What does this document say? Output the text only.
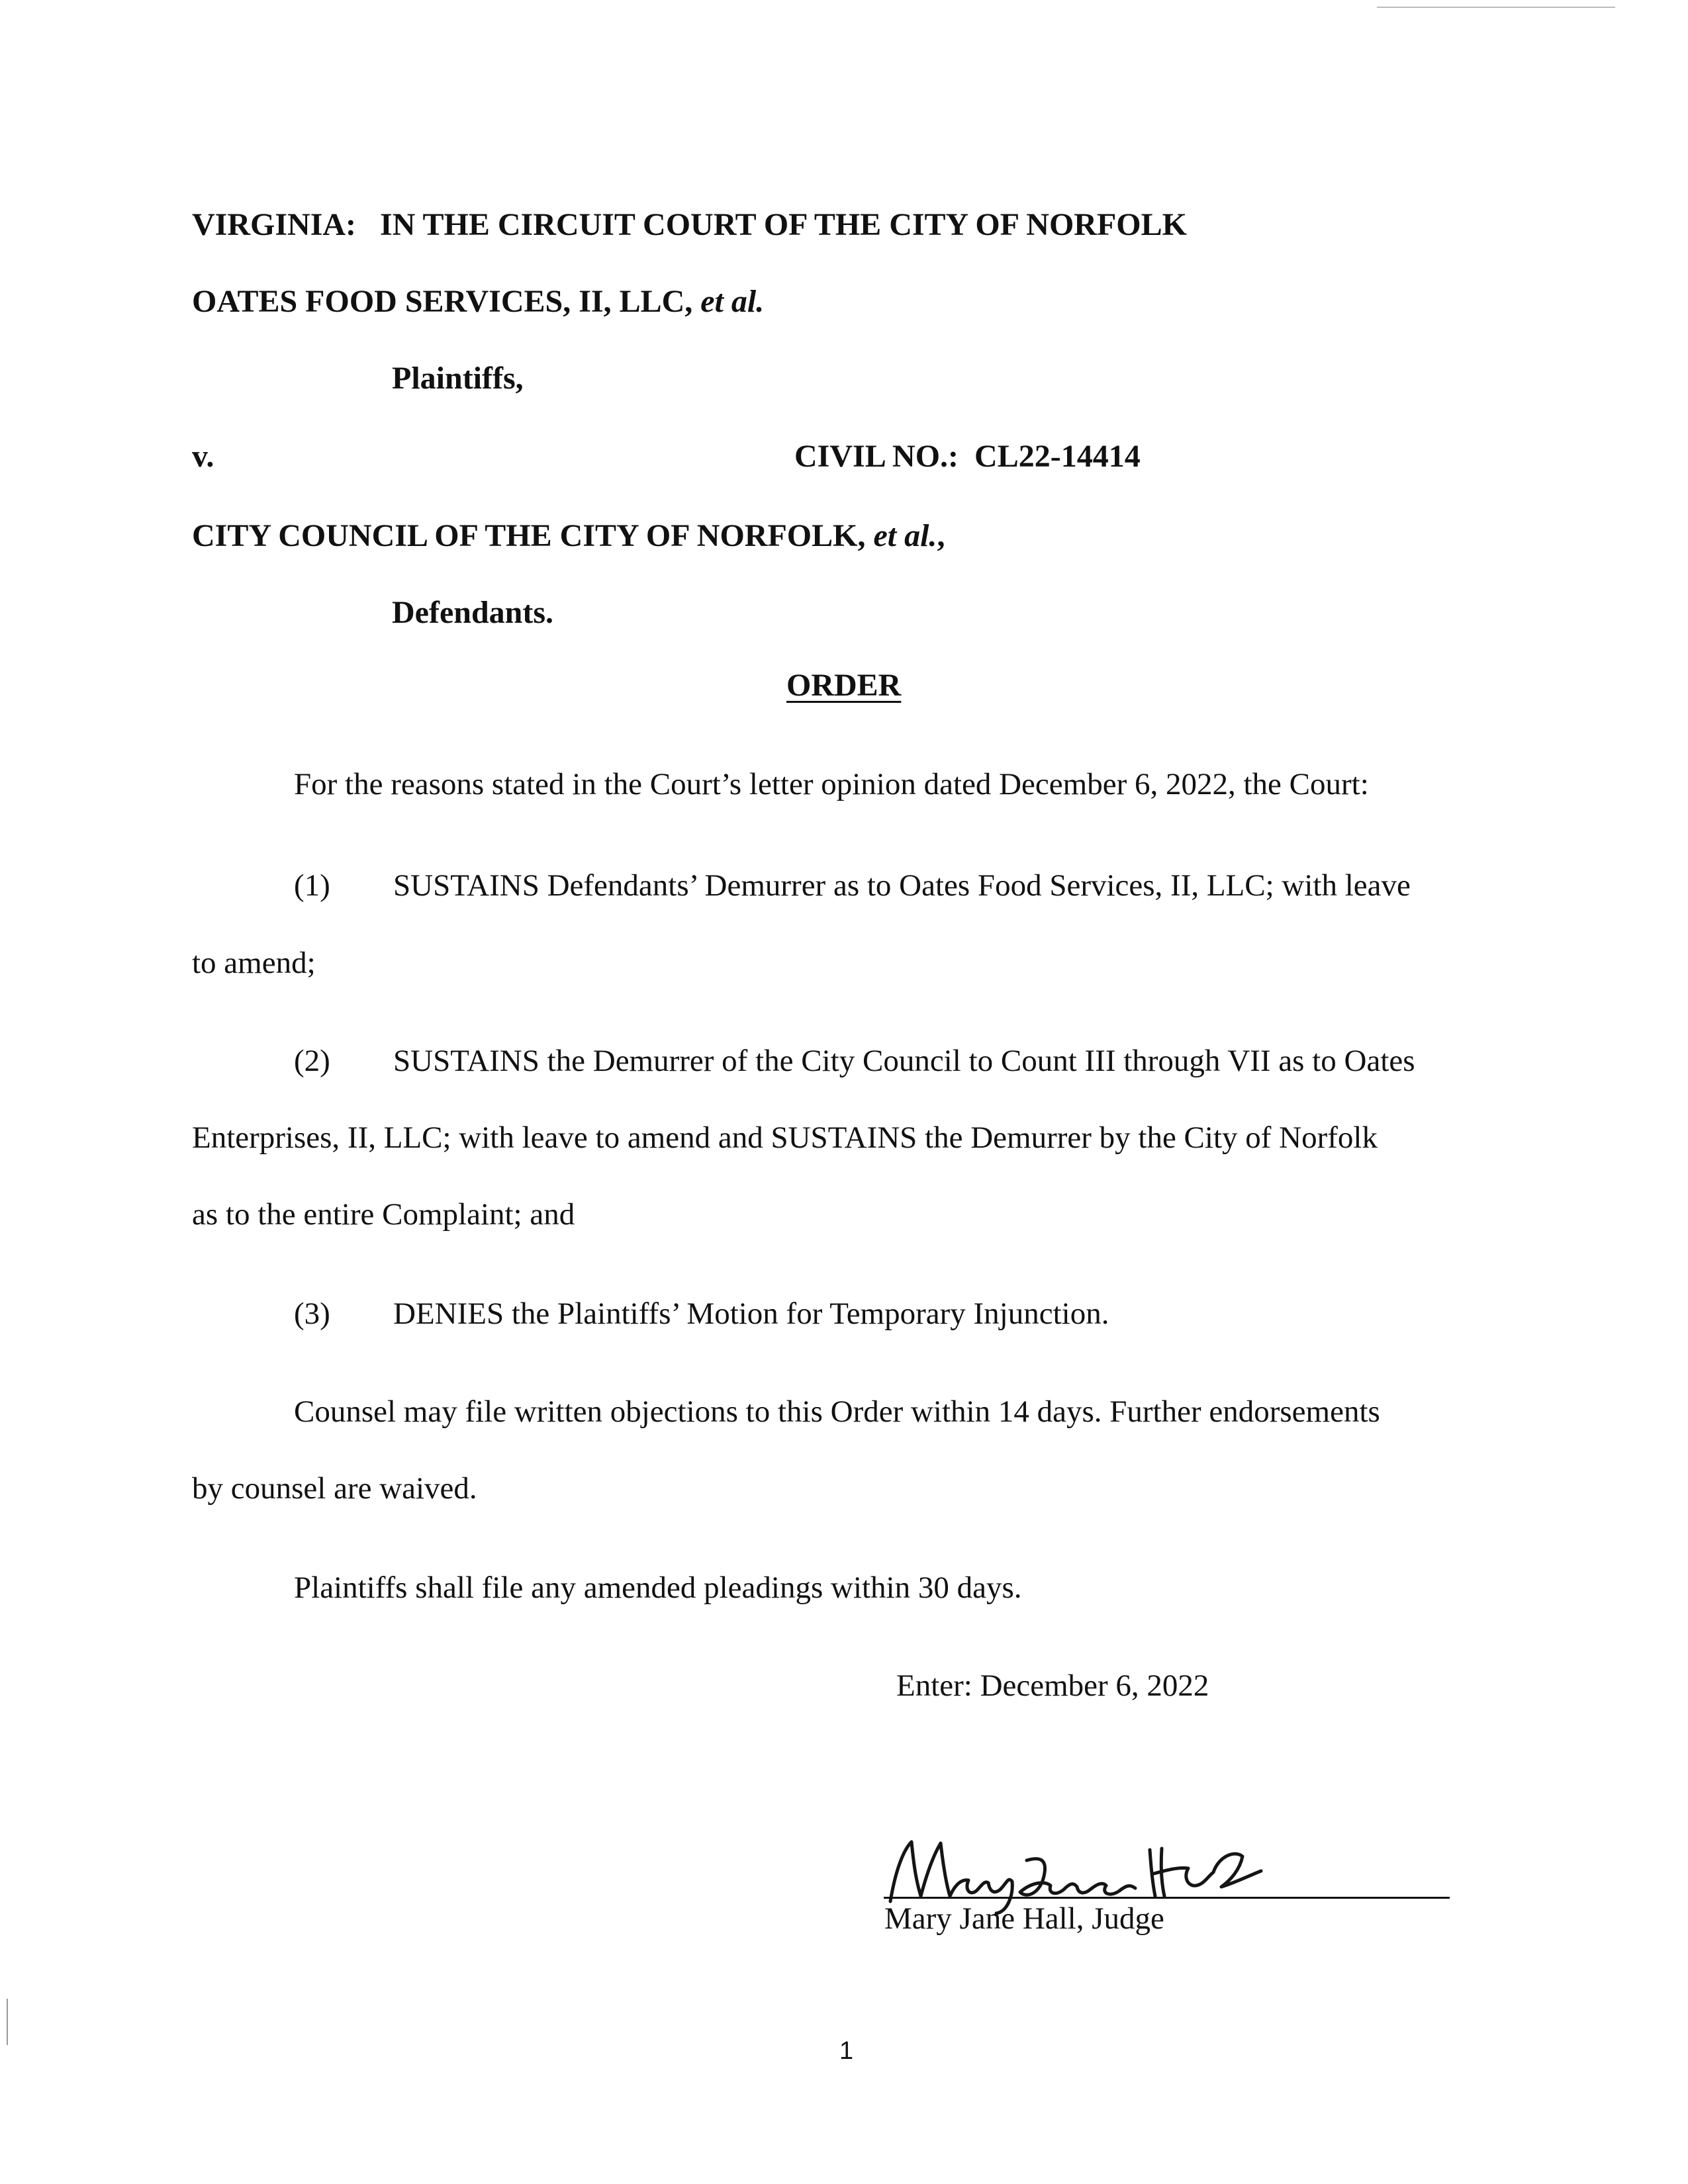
VIRGINIA: IN THE CIRCUIT COURT OF THE CITY OF NORFOLK
OATES FOOD SERVICES, II, LLC, et al.
Plaintiffs,
v.	CIVIL NO.: CL22-14414
CITY COUNCIL OF THE CITY OF NORFOLK, et al.,
Defendants.
ORDER
For the reasons stated in the Court’s letter opinion dated December 6, 2022, the Court:
(1) SUSTAINS Defendants’ Demurrer as to Oates Food Services, II, LLC; with leave
to amend;
(2) SUSTAINS the Demurrer of the City Council to Count III through VII as to Oates
Enterprises, II, LLC; with leave to amend and SUSTAINS the Demurrer by the City of Norfolk
as to the entire Complaint; and
(3) DENIES the Plaintiffs’ Motion for Temporary Injunction.
Counsel may file written objections to this Order within 14 days. Further endorsements
by counsel are waived.
Plaintiffs shall file any amended pleadings within 30 days.
Enter: December 6, 2022
Mary Jane Hall, Judge
1
